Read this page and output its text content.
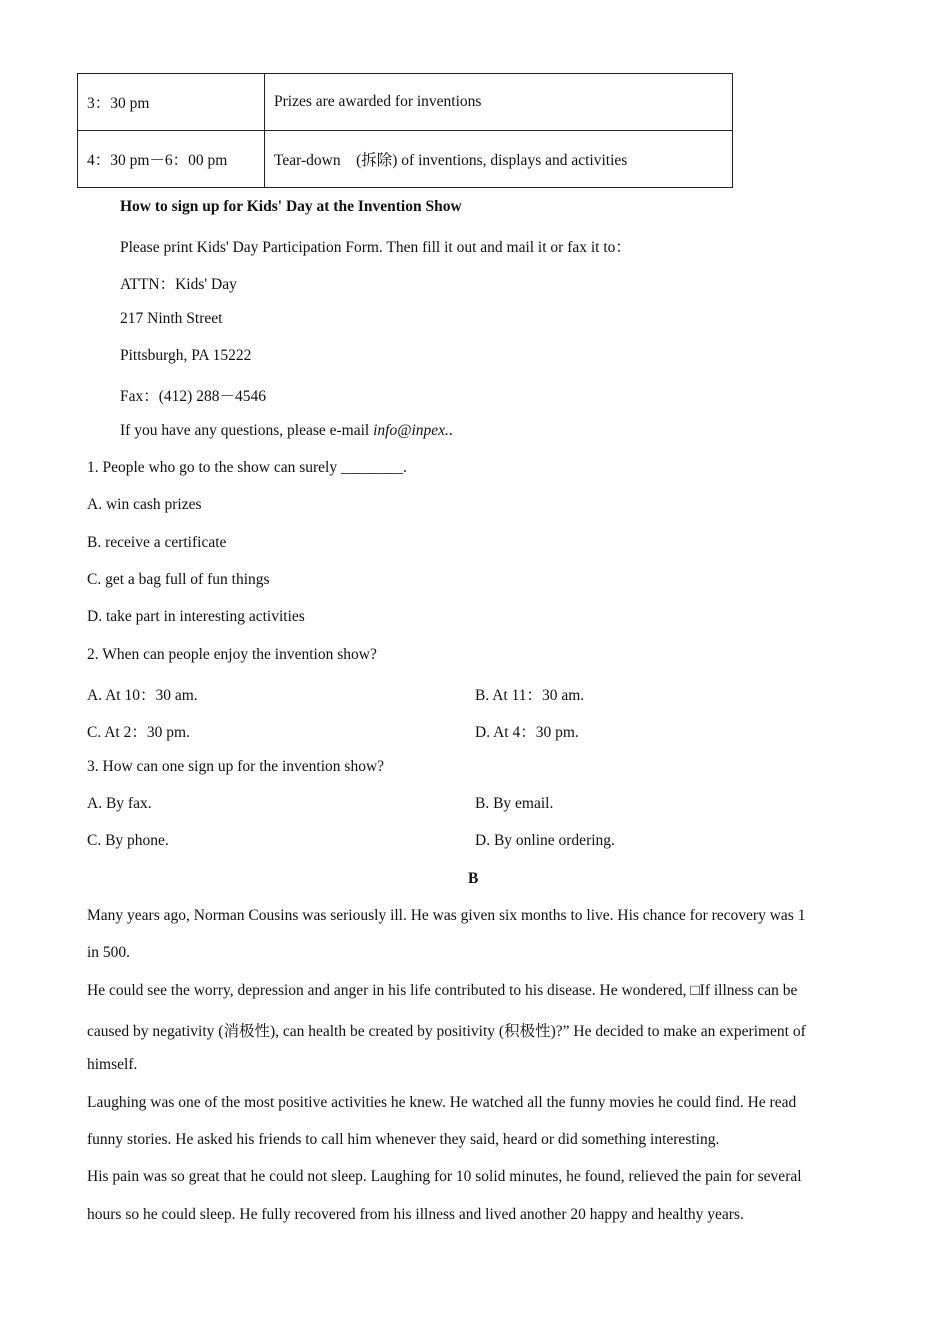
3：30 pm	Prizes are awarded for inventions
4：30 pm－6：00 pm	Tear-down　(拆除) of inventions, displays and activities
How to sign up for Kids' Day at the Invention Show
Please print Kids' Day Participation Form. Then fill it out and mail it or fax it to：
ATTN：Kids' Day
217 Ninth Street
Pittsburgh, PA 15222
Fax：(412) 288－4546
If you have any questions, please e-mail info@inpex..
1. People who go to the show can surely ________.
A. win cash prizes
B. receive a certificate
C. get a bag full of fun things
D. take part in interesting activities
2. When can people enjoy the invention show?
A. At 10：30 am.	B. At 11：30 am.
C. At 2：30 pm.	D. At 4：30 pm.
3. How can one sign up for the invention show?
A. By fax.	B. By email.
C. By phone.	D. By online ordering.
B
Many years ago, Norman Cousins was seriously ill. He was given six months to live. His chance for recovery was 1
in 500.
He could see the worry, depression and anger in his life contributed to his disease. He wondered, □If illness can be
caused by negativity (消极性), can health be created by positivity (积极性)?” He decided to make an experiment of
himself.
Laughing was one of the most positive activities he knew. He watched all the funny movies he could find. He read
funny stories. He asked his friends to call him whenever they said, heard or did something interesting.
His pain was so great that he could not sleep. Laughing for 10 solid minutes, he found, relieved the pain for several
hours so he could sleep. He fully recovered from his illness and lived another 20 happy and healthy years.
